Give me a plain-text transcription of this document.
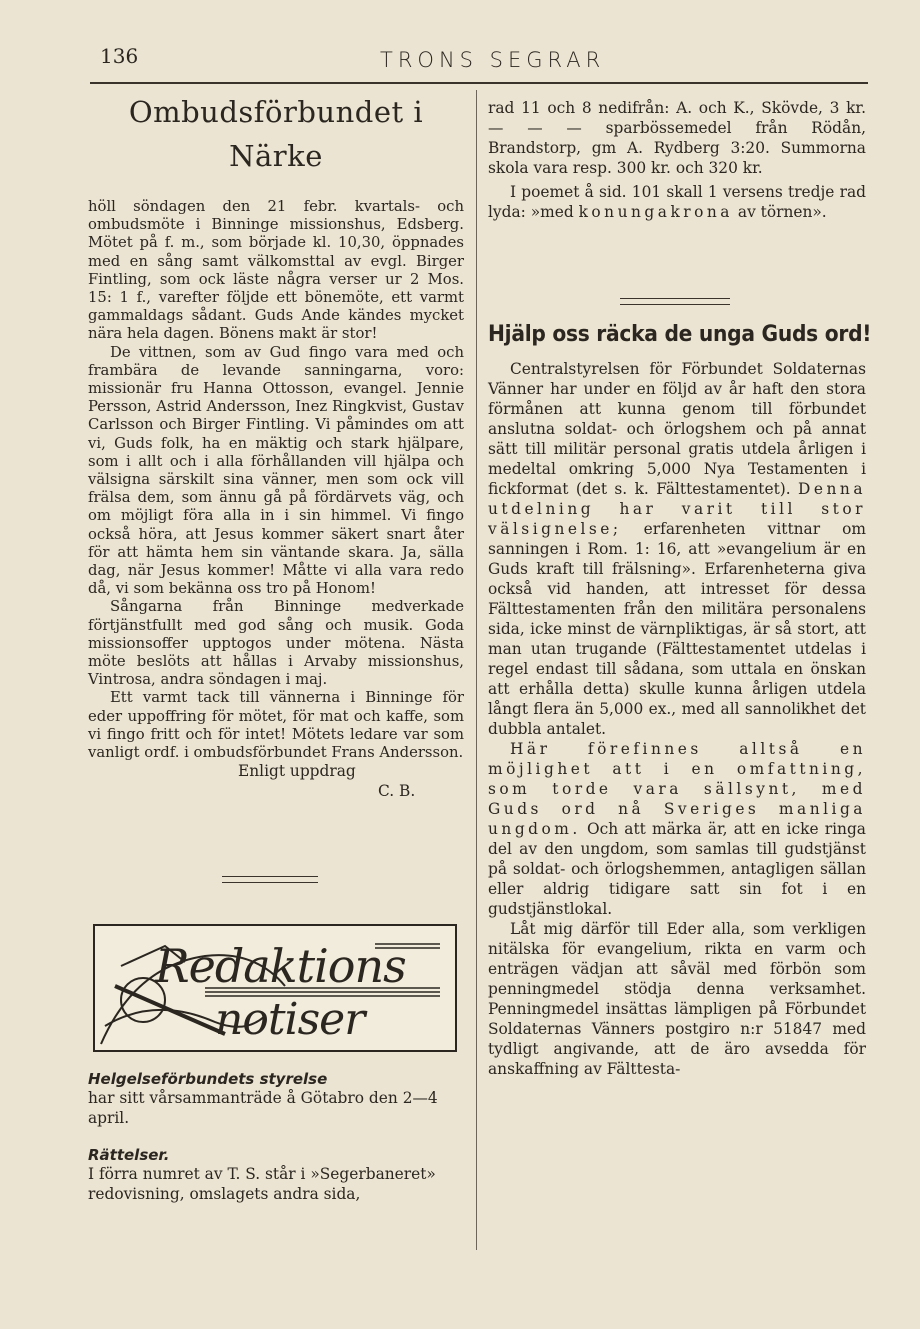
136	TRONS SEGRAR
Ombudsförbundet i
Närke

höll söndagen den 21 febr. kvartals- och ombudsmöte i Binninge missionshus, Edsberg. Mötet på f. m., som började kl. 10,30, öppnades med en sång samt välkomsttal av evgl. Birger Fintling, som ock läste några verser ur 2 Mos. 15: 1 f., varefter följde ett bönemöte, ett varmt gammaldags sådant. Guds Ande kändes mycket nära hela dagen. Bönens makt är stor!

De vittnen, som av Gud fingo vara med och frambära de levande sanningarna, voro: missionär fru Hanna Ottosson, evangel. Jennie Persson, Astrid Andersson, Inez Ringkvist, Gustav Carlsson och Birger Fintling. Vi påmindes om att vi, Guds folk, ha en mäktig och stark hjälpare, som i allt och i alla förhållanden vill hjälpa och välsigna särskilt sina vänner, men som ock vill frälsa dem, som ännu gå på fördärvets väg, och om möjligt föra alla in i sin himmel. Vi fingo också höra, att Jesus kommer säkert snart åter för att hämta hem sin väntande skara. Ja, sälla dag, när Jesus kommer! Måtte vi alla vara redo då, vi som bekänna oss tro på Honom!

Sångarna från Binninge medverkade förtjänstfullt med god sång och musik. Goda missionsoffer upptogos under mötena. Nästa möte beslöts att hållas i Arvaby missionshus, Vintrosa, andra söndagen i maj.

Ett varmt tack till vännerna i Binninge för eder uppoffring för mötet, för mat och kaffe, som vi fingo fritt och för intet! Mötets ledare var som vanligt ordf. i ombudsförbundet Frans Andersson.

Enligt uppdrag
C. B.
Redaktions
notiser

Helgelseförbundets styrelse

har sitt vårsammanträde å Götabro den 2—4 april.

Rättelser.

I förra numret av T. S. står i »Segerbaneret» redovisning, omslagets andra sida,

rad 11 och 8 nedifrån: A. och K., Skövde, 3 kr. — — — sparbössemedel från Rödån, Brandstorp, gm A. Rydberg 3:20. Summorna skola vara resp. 300 kr. och 320 kr.

I poemet å sid. 101 skall 1 versens tredje rad lyda: »med konungakrona av törnen».

Hjälp oss räcka de unga Guds ord!

Centralstyrelsen för Förbundet Soldaternas Vänner har under en följd av år haft den stora förmånen att kunna genom till förbundet anslutna soldat- och örlogshem och på annat sätt till militär personal gratis utdela årligen i medeltal omkring 5,000 Nya Testamenten i fickformat (det s. k. Fälttestamentet). Denna utdelning har varit till stor välsignelse; erfarenheten vittnar om sanningen i Rom. 1: 16, att »evangelium är en Guds kraft till frälsning». Erfarenheterna giva också vid handen, att intresset för dessa Fälttestamenten från den militära personalens sida, icke minst de värnpliktigas, är så stort, att man utan trugande (Fälttestamentet utdelas i regel endast till sådana, som uttala en önskan att erhålla detta) skulle kunna årligen utdela långt flera än 5,000 ex., med all sannolikhet det dubbla antalet.

Här förefinnes alltså en möjlighet att i en omfattning, som torde vara sällsynt, med Guds ord nå Sveriges manliga ungdom. Och att märka är, att en icke ringa del av den ungdom, som samlas till gudstjänst på soldat- och örlogshemmen, antagligen sällan eller aldrig tidigare satt sin fot i en gudstjänstlokal.

Låt mig därför till Eder alla, som verkligen nitälska för evangelium, rikta en varm och enträgen vädjan att såväl med förbön som penningmedel stödja denna verksamhet. Penningmedel insättas lämpligen på Förbundet Soldaternas Vänners postgiro n:r 51847 med tydligt angivande, att de äro avsedda för anskaffning av Fälttesta-
